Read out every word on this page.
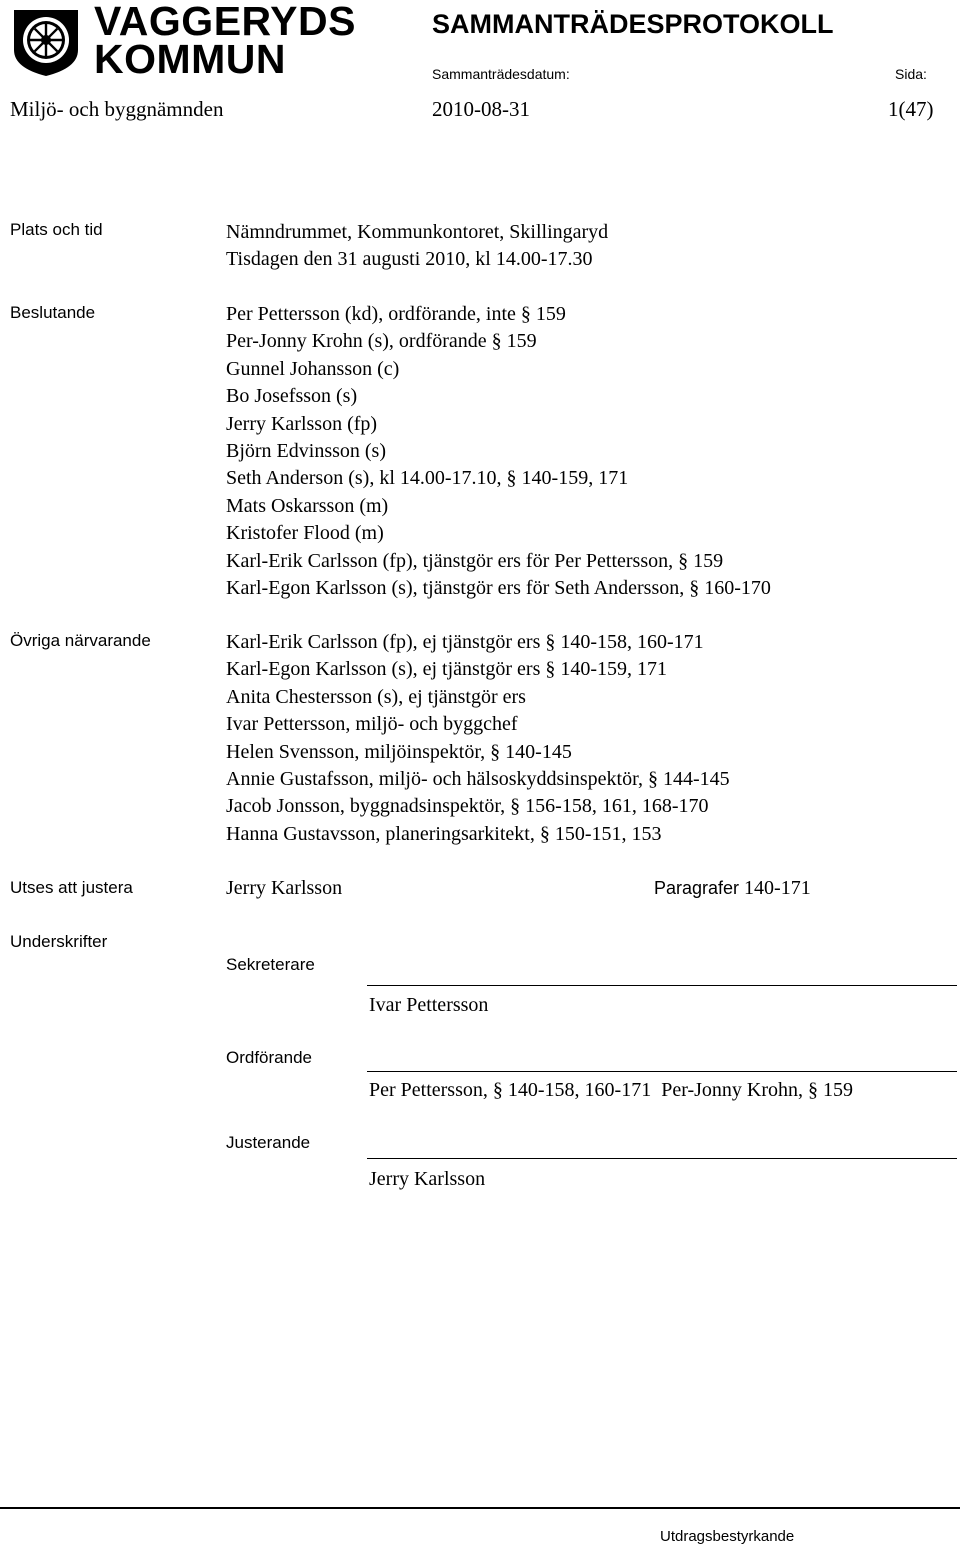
VAGGERYDS
KOMMUN
SAMMANTRÄDESPROTOKOLL
Sammanträdesdatum:	Sida:
Miljö- och byggnämnden	2010-08-31	1(47)
Plats och tid	Nämndrummet, Kommunkontoret, Skillingaryd
Tisdagen den 31 augusti 2010, kl 14.00-17.30
Beslutande	Per Pettersson (kd), ordförande, inte § 159
Per-Jonny Krohn (s), ordförande § 159
Gunnel Johansson (c)
Bo Josefsson (s)
Jerry Karlsson (fp)
Björn Edvinsson (s)
Seth Anderson (s), kl 14.00-17.10, § 140-159, 171
Mats Oskarsson (m)
Kristofer Flood (m)
Karl-Erik Carlsson (fp), tjänstgör ers för Per Pettersson, § 159
Karl-Egon Karlsson (s), tjänstgör ers för Seth Andersson, § 160-170
Övriga närvarande	Karl-Erik Carlsson (fp), ej tjänstgör ers § 140-158, 160-171
Karl-Egon Karlsson (s), ej tjänstgör ers § 140-159, 171
Anita Chestersson (s), ej tjänstgör ers
Ivar Pettersson, miljö- och byggchef
Helen Svensson, miljöinspektör, § 140-145
Annie Gustafsson, miljö- och hälsoskyddsinspektör, § 144-145
Jacob Jonsson, byggnadsinspektör, § 156-158, 161, 168-170
Hanna Gustavsson, planeringsarkitekt, § 150-151, 153
Utses att justera	Jerry Karlsson	Paragrafer 140-171
Underskrifter
Sekreterare
Ivar Pettersson
Ordförande
Per Pettersson, § 140-158, 160-171  Per-Jonny Krohn, § 159
Justerande
Jerry Karlsson
Utdragsbestyrkande
